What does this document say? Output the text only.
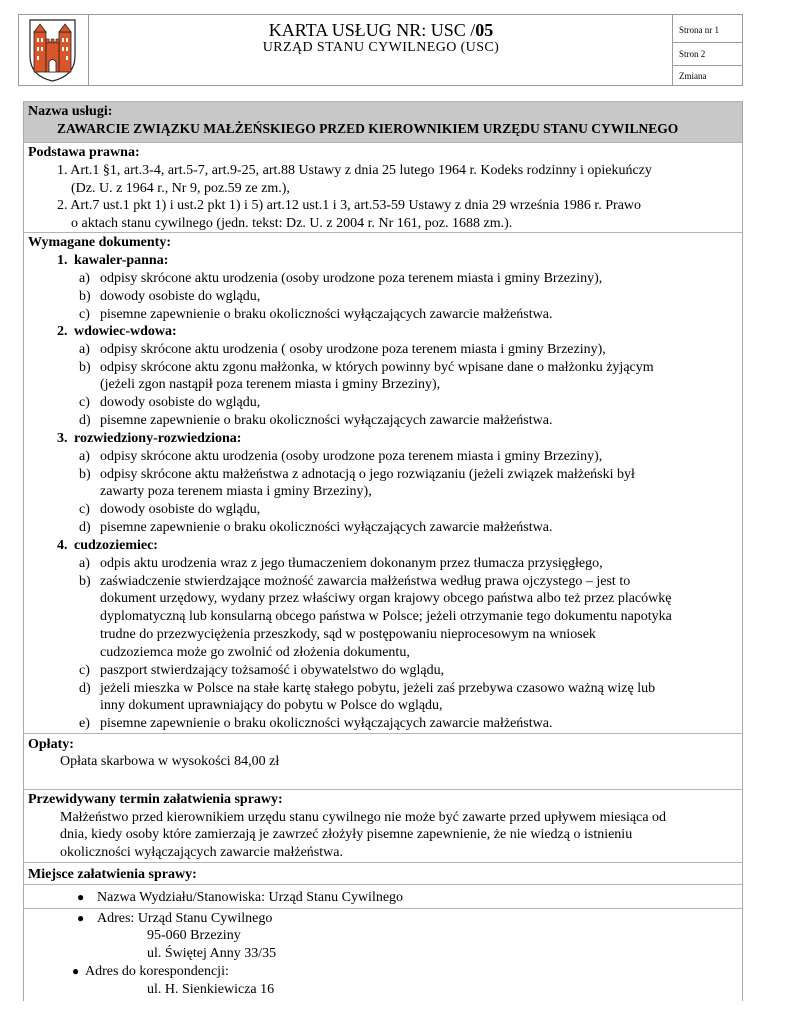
KARTA USŁUG NR: USC /05
URZĄD STANU CYWILNEGO (USC)
Strona nr 1
Stron 2
Zmiana
Nazwa usługi:
ZAWARCIE ZWIĄZKU MAŁŻEŃSKIEGO PRZED KIEROWNIKIEM URZĘDU STANU CYWILNEGO
Podstawa prawna:
1. Art.1 §1, art.3-4, art.5-7, art.9-25, art.88 Ustawy z dnia 25 lutego 1964 r. Kodeks rodzinny i opiekuńczy
(Dz. U. z 1964 r., Nr 9, poz.59 ze zm.),
2. Art.7 ust.1 pkt 1) i ust.2 pkt 1) i 5) art.12 ust.1 i 3, art.53-59 Ustawy z dnia 29 września 1986 r. Prawo
o aktach stanu cywilnego (jedn. tekst: Dz. U. z 2004 r. Nr 161, poz. 1688 zm.).
Wymagane dokumenty:
1. kawaler-panna:
a) odpisy skrócone aktu urodzenia (osoby urodzone poza terenem miasta i gminy Brzeziny),
b) dowody osobiste do wglądu,
c) pisemne zapewnienie o braku okoliczności wyłączających zawarcie małżeństwa.
2. wdowiec-wdowa:
a) odpisy skrócone aktu urodzenia ( osoby urodzone poza terenem miasta i gminy Brzeziny),
b) odpisy skrócone aktu zgonu małżonka, w których powinny być wpisane dane o małżonku żyjącym
(jeżeli zgon nastąpił poza terenem miasta i gminy Brzeziny),
c) dowody osobiste do wglądu,
d) pisemne zapewnienie o braku okoliczności wyłączających zawarcie małżeństwa.
3. rozwiedziony-rozwiedziona:
a) odpisy skrócone aktu urodzenia (osoby urodzone poza terenem miasta i gminy Brzeziny),
b) odpisy skrócone aktu małżeństwa z adnotacją o jego rozwiązaniu (jeżeli związek małżeński był
zawarty poza terenem miasta i gminy Brzeziny),
c) dowody osobiste do wglądu,
d) pisemne zapewnienie o braku okoliczności wyłączających zawarcie małżeństwa.
4. cudzoziemiec:
a) odpis aktu urodzenia wraz z jego tłumaczeniem dokonanym przez tłumacza przysięgłego,
b) zaświadczenie stwierdzające możność zawarcia małżeństwa według prawa ojczystego – jest to
dokument urzędowy, wydany przez właściwy organ krajowy obcego państwa albo też przez placówkę
dyplomatyczną lub konsularną obcego państwa w Polsce; jeżeli otrzymanie tego dokumentu napotyka
trudne do przezwyciężenia przeszkody, sąd w postępowaniu nieprocesowym na wniosek
cudzoziemca może go zwolnić od złożenia dokumentu,
c) paszport stwierdzający tożsamość i obywatelstwo do wglądu,
d) jeżeli mieszka w Polsce na stałe kartę stałego pobytu, jeżeli zaś przebywa czasowo ważną wizę lub
inny dokument uprawniający do pobytu w Polsce do wglądu,
e) pisemne zapewnienie o braku okoliczności wyłączających zawarcie małżeństwa.
Opłaty:
Opłata skarbowa w wysokości 84,00 zł
Przewidywany termin załatwienia sprawy:
Małżeństwo przed kierownikiem urzędu stanu cywilnego nie może być zawarte przed upływem miesiąca od
dnia, kiedy osoby które zamierzają je zawrzeć złożyły pisemne zapewnienie, że nie wiedzą o istnieniu
okoliczności wyłączających zawarcie małżeństwa.
Miejsce załatwienia sprawy:
● Nazwa Wydziału/Stanowiska: Urząd Stanu Cywilnego
● Adres: Urząd Stanu Cywilnego
95-060 Brzeziny
ul. Świętej Anny 33/35
● Adres do korespondencji:
ul. H. Sienkiewicza 16
